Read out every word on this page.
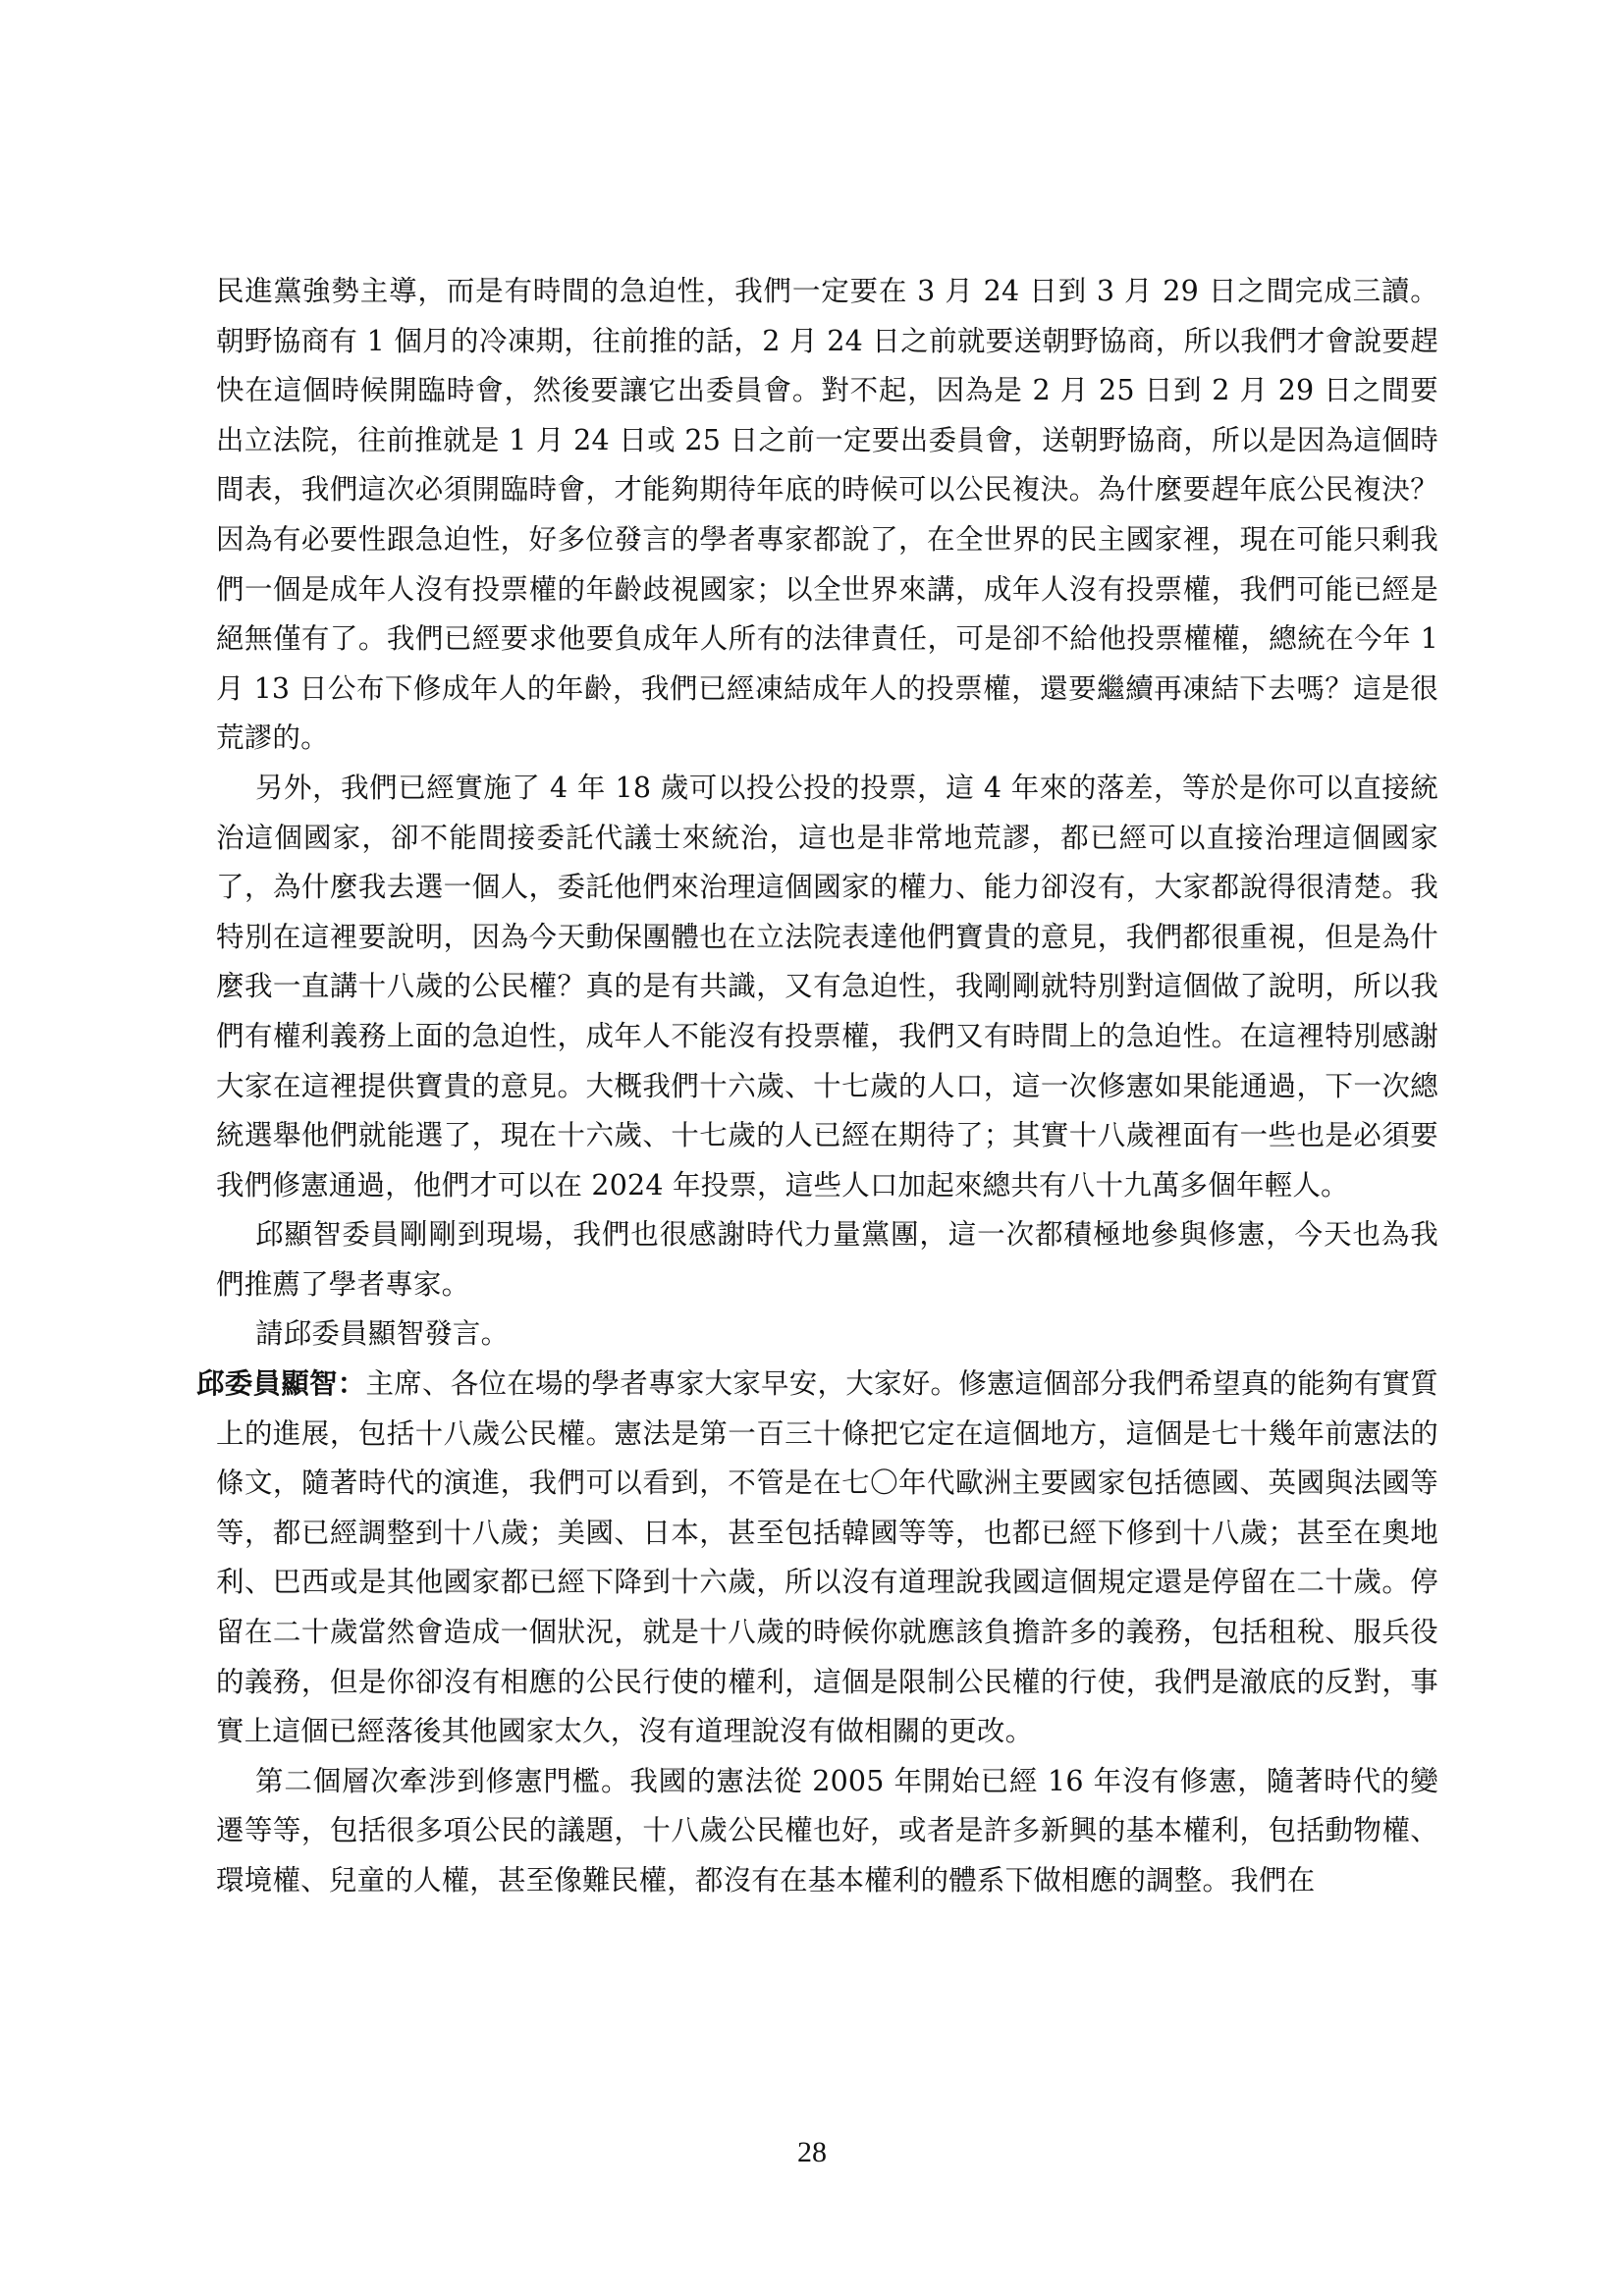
民進黨強勢主導，而是有時間的急迫性，我們一定要在 3 月 24 日到 3 月 29 日之間完成三讀。朝野協商有 1 個月的冷凍期，往前推的話，2 月 24 日之前就要送朝野協商，所以我們才會說要趕快在這個時候開臨時會，然後要讓它出委員會。對不起，因為是 2 月 25 日到 2 月 29 日之間要出立法院，往前推就是 1 月 24 日或 25 日之前一定要出委員會，送朝野協商，所以是因為這個時間表，我們這次必須開臨時會，才能夠期待年底的時候可以公民複決。為什麼要趕年底公民複決？因為有必要性跟急迫性，好多位發言的學者專家都說了，在全世界的民主國家裡，現在可能只剩我們一個是成年人沒有投票權的年齡歧視國家；以全世界來講，成年人沒有投票權，我們可能已經是絕無僅有了。我們已經要求他要負成年人所有的法律責任，可是卻不給他投票權權，總統在今年 1 月 13 日公布下修成年人的年齡，我們已經凍結成年人的投票權，還要繼續再凍結下去嗎？這是很荒謬的。

另外，我們已經實施了 4 年 18 歲可以投公投的投票，這 4 年來的落差，等於是你可以直接統治這個國家，卻不能間接委託代議士來統治，這也是非常地荒謬，都已經可以直接治理這個國家了，為什麼我去選一個人，委託他們來治理這個國家的權力、能力卻沒有，大家都說得很清楚。我特別在這裡要說明，因為今天動保團體也在立法院表達他們寶貴的意見，我們都很重視，但是為什麼我一直講十八歲的公民權？真的是有共識，又有急迫性，我剛剛就特別對這個做了說明，所以我們有權利義務上面的急迫性，成年人不能沒有投票權，我們又有時間上的急迫性。在這裡特別感謝大家在這裡提供寶貴的意見。大概我們十六歲、十七歲的人口，這一次修憲如果能通過，下一次總統選舉他們就能選了，現在十六歲、十七歲的人已經在期待了；其實十八歲裡面有一些也是必須要我們修憲通過，他們才可以在 2024 年投票，這些人口加起來總共有八十九萬多個年輕人。

邱顯智委員剛剛到現場，我們也很感謝時代力量黨團，這一次都積極地參與修憲，今天也為我們推薦了學者專家。

請邱委員顯智發言。

邱委員顯智：主席、各位在場的學者專家大家早安，大家好。修憲這個部分我們希望真的能夠有實質上的進展，包括十八歲公民權。憲法是第一百三十條把它定在這個地方，這個是七十幾年前憲法的條文，隨著時代的演進，我們可以看到，不管是在七〇年代歐洲主要國家包括德國、英國與法國等等，都已經調整到十八歲；美國、日本，甚至包括韓國等等，也都已經下修到十八歲；甚至在奧地利、巴西或是其他國家都已經下降到十六歲，所以沒有道理說我國這個規定還是停留在二十歲。停留在二十歲當然會造成一個狀況，就是十八歲的時候你就應該負擔許多的義務，包括租稅、服兵役的義務，但是你卻沒有相應的公民行使的權利，這個是限制公民權的行使，我們是澈底的反對，事實上這個已經落後其他國家太久，沒有道理說沒有做相關的更改。

第二個層次牽涉到修憲門檻。我國的憲法從 2005 年開始已經 16 年沒有修憲，隨著時代的變遷等等，包括很多項公民的議題，十八歲公民權也好，或者是許多新興的基本權利，包括動物權、環境權、兒童的人權，甚至像難民權，都沒有在基本權利的體系下做相應的調整。我們在

28
